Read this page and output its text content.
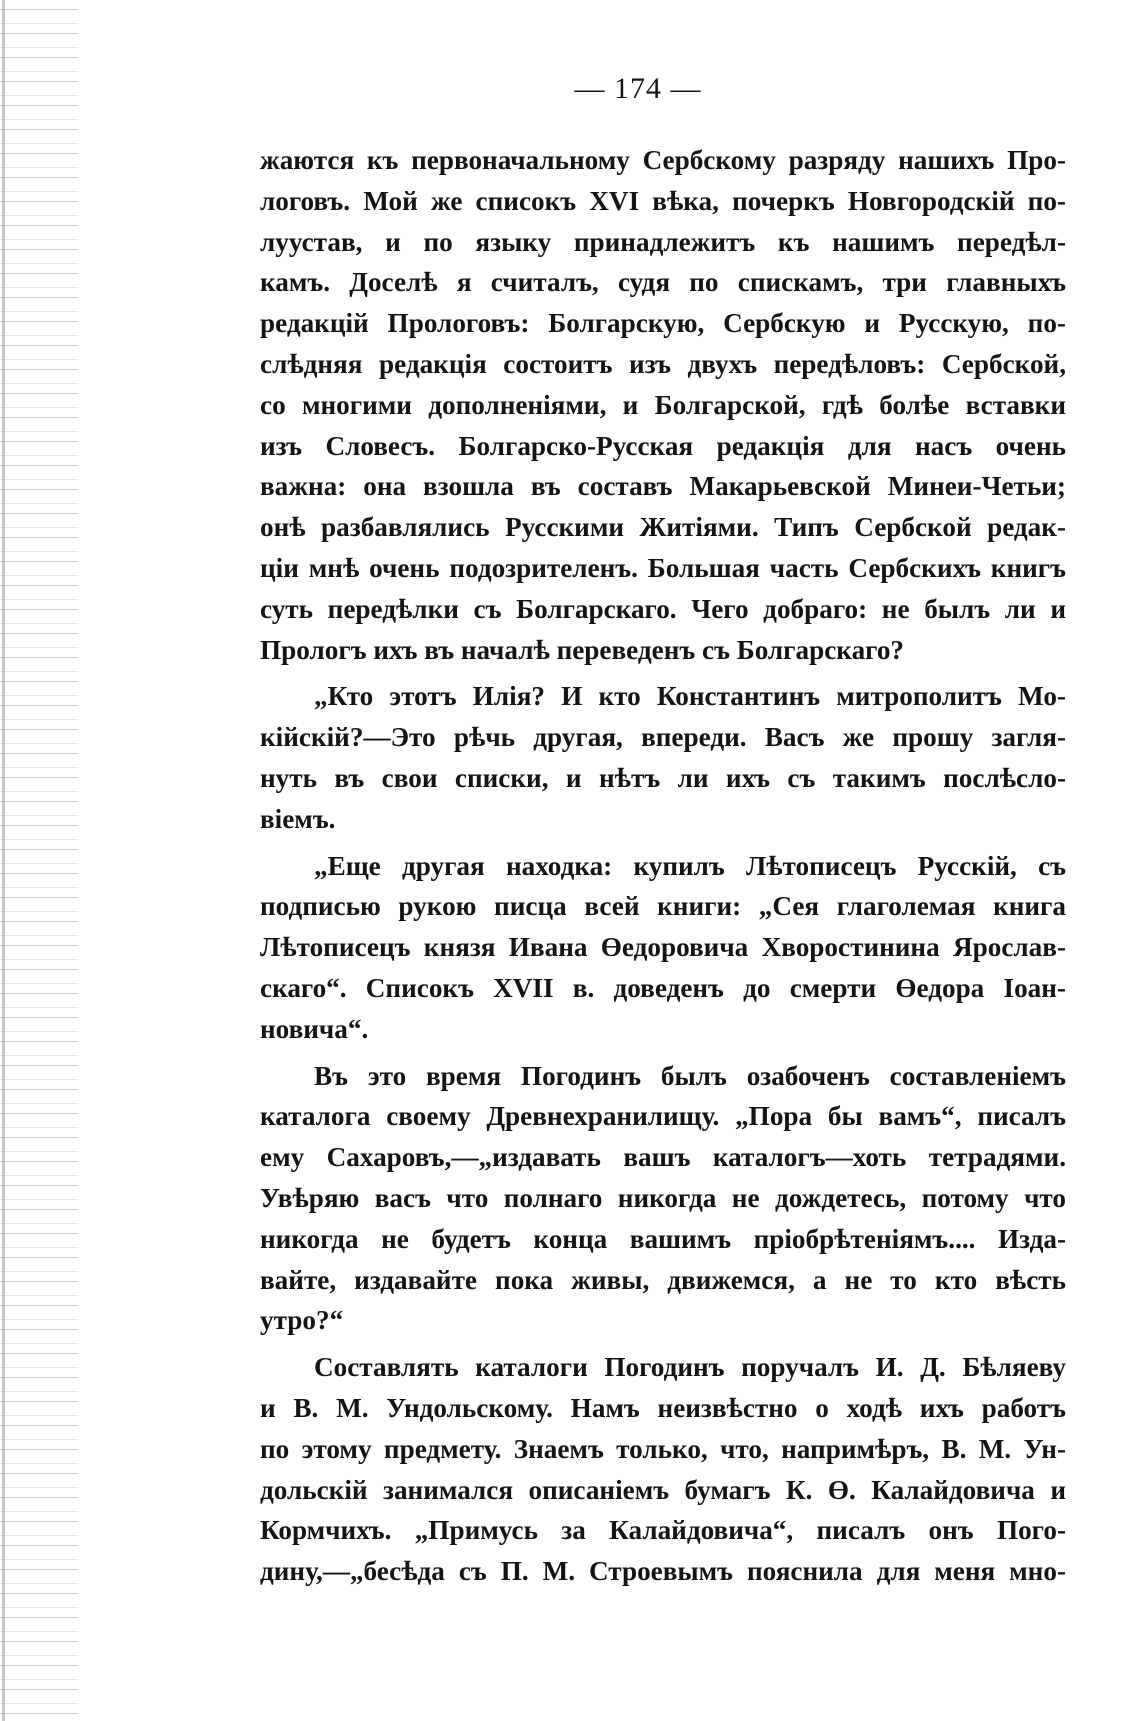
— 174 —
жаются къ первоначальному Сербскому разряду нашихъ Про-
логовъ. Мой же списокъ XVI вѣка, почеркъ Новгородскій по-
луустав, и по языку принадлежитъ къ нашимъ передѣл-
камъ. Доселѣ я считалъ, судя по спискамъ, три главныхъ
редакцій Прологовъ: Болгарскую, Сербскую и Русскую, по-
слѣдняя редакція состоитъ изъ двухъ передѣловъ: Сербской,
со многими дополненіями, и Болгарской, гдѣ болѣе вставки
изъ Словесъ. Болгарско-Русская редакція для насъ очень
важна: она взошла въ составъ Макарьевской Минеи-Четьи;
онѣ разбавлялись Русскими Житіями. Типъ Сербской редак-
ціи мнѣ очень подозрителенъ. Большая часть Сербскихъ книгъ
суть передѣлки съ Болгарскаго. Чего добраго: не былъ ли и
Прологъ ихъ въ началѣ переведенъ съ Болгарскаго?
„Кто этотъ Илія? И кто Константинъ митрополитъ Мо-
кійскій?—Это рѣчь другая, впереди. Васъ же прошу загля-
нуть въ свои списки, и нѣтъ ли ихъ съ такимъ послѣсло-
віемъ.
„Еще другая находка: купилъ Лѣтописецъ Русскій, съ
подписью рукою писца всей книги: „Сея глаголемая книга
Лѣтописецъ князя Ивана Өедоровича Хворостинина Ярослав-
скаго“. Списокъ XVII в. доведенъ до смерти Өедора Іоан-
новича“.
Въ это время Погодинъ былъ озабоченъ составленіемъ
каталога своему Древнехранилищу. „Пора бы вамъ“, писалъ
ему Сахаровъ,—„издавать вашъ каталогъ—хоть тетрадями.
Увѣряю васъ что полнаго никогда не дождетесь, потому что
никогда не будетъ конца вашимъ пріобрѣтеніямъ.... Изда-
вайте, издавайте пока живы, движемся, а не то кто вѣсть
утро?“
Составлять каталоги Погодинъ поручалъ И. Д. Бѣляеву
и В. М. Ундольскому. Намъ неизвѣстно о ходѣ ихъ работъ
по этому предмету. Знаемъ только, что, напримѣръ, В. М. Ун-
дольскій занимался описаніемъ бумагъ К. Ө. Калайдовича и
Кормчихъ. „Примусь за Калайдовича“, писалъ онъ Пого-
дину,—„бесѣда съ П. М. Строевымъ пояснила для меня мно-
